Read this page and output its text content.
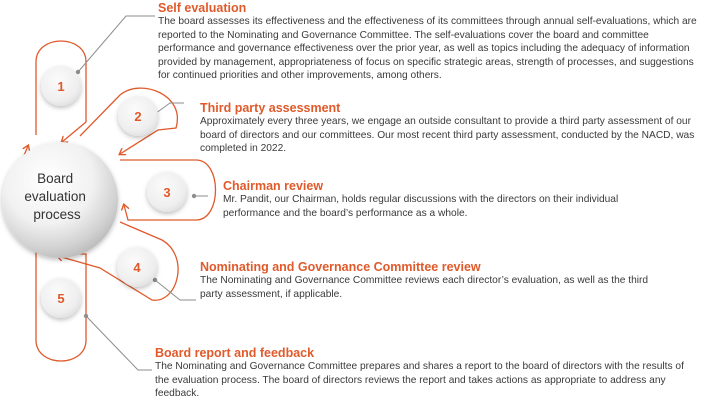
Board evaluation process
1
2
3
4
5
Self evaluation

The board assesses its effectiveness and the effectiveness of its committees through annual self-evaluations, which are reported to the Nominating and Governance Committee. The self-evaluations cover the board and committee performance and governance effectiveness over the prior year, as well as topics including the adequacy of information provided by management, appropriateness of focus on specific strategic areas, strength of processes, and suggestions for continued priorities and other improvements, among others.

Third party assessment

Approximately every three years, we engage an outside consultant to provide a third party assessment of our board of directors and our committees. Our most recent third party assessment, conducted by the NACD, was completed in 2022.

Chairman review

Mr. Pandit, our Chairman, holds regular discussions with the directors on their individual performance and the board’s performance as a whole.

Nominating and Governance Committee review

The Nominating and Governance Committee reviews each director’s evaluation, as well as the third party assessment, if applicable.

Board report and feedback

The Nominating and Governance Committee prepares and shares a report to the board of directors with the results of the evaluation process. The board of directors reviews the report and takes actions as appropriate to address any feedback.
